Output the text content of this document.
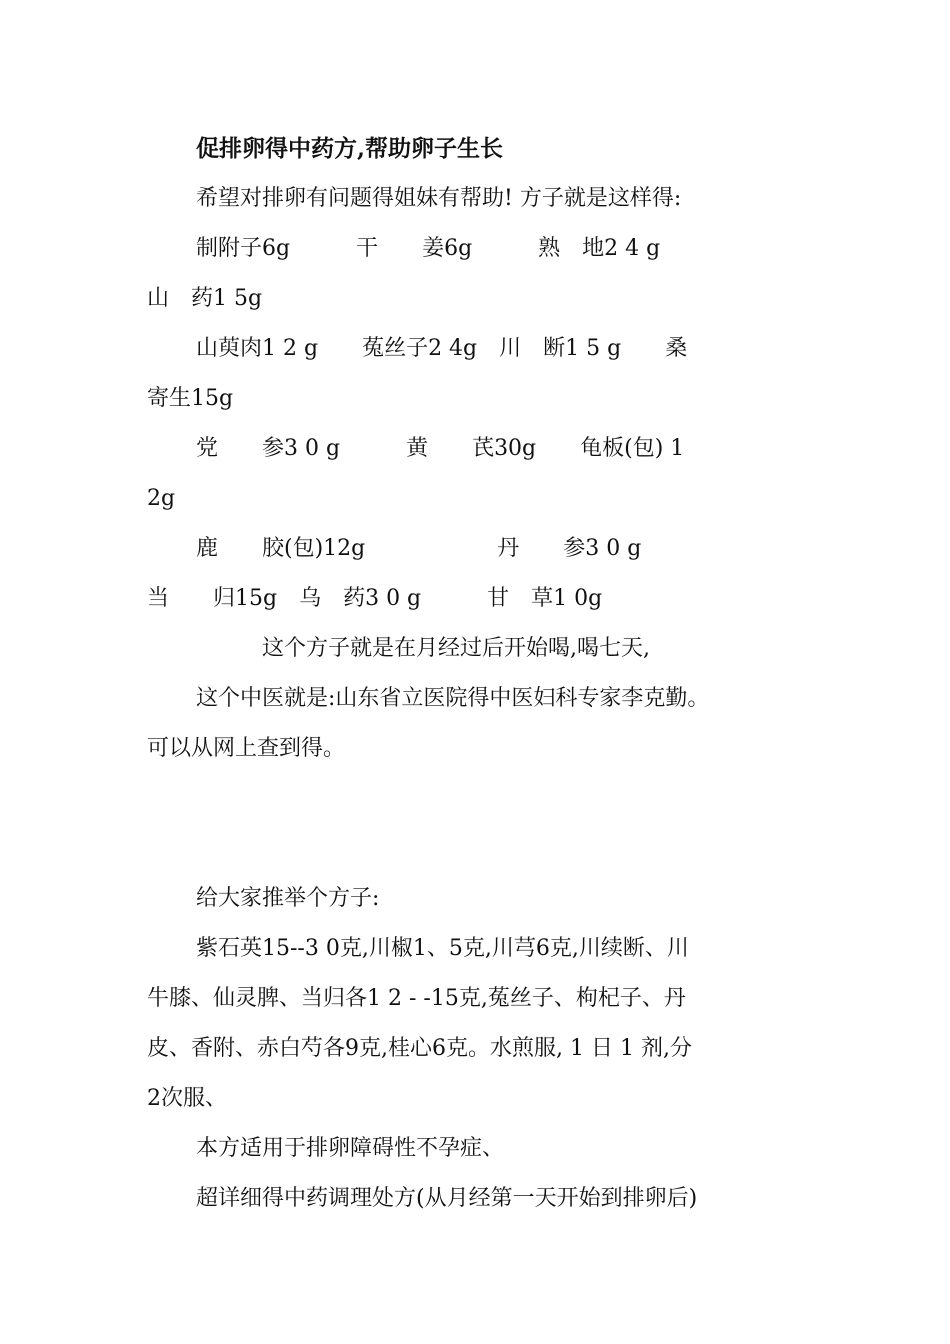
促排卵得中药方,帮助卵子生长
希望对排卵有问题得姐妹有帮助! 方子就是这样得:
制附子6g　　　干　　姜6g　　　熟　地2 4 g
山　药1 5g
山萸肉1 2 g　　菟丝子2 4g　川　断1 5 g　　桑
寄生15g
党　　参3 0 g　　　黄　　芪30g　　龟板(包) 1
2g
鹿　　胶(包)12g　　　　　　丹　　参3 0 g
当　　归15g　乌　药3 0 g　　　甘　草1 0g
这个方子就是在月经过后开始喝,喝七天,
这个中医就是:山东省立医院得中医妇科专家李克勤。
可以从网上查到得。
给大家推举个方子:
紫石英15--3 0克,川椒1、5克,川芎6克,川续断、川
牛膝、仙灵脾、当归各1 2 - -15克,菟丝子、枸杞子、丹
皮、香附、赤白芍各9克,桂心6克。水煎服, 1 日 1 剂,分
2次服、
本方适用于排卵障碍性不孕症、
超详细得中药调理处方(从月经第一天开始到排卵后)
